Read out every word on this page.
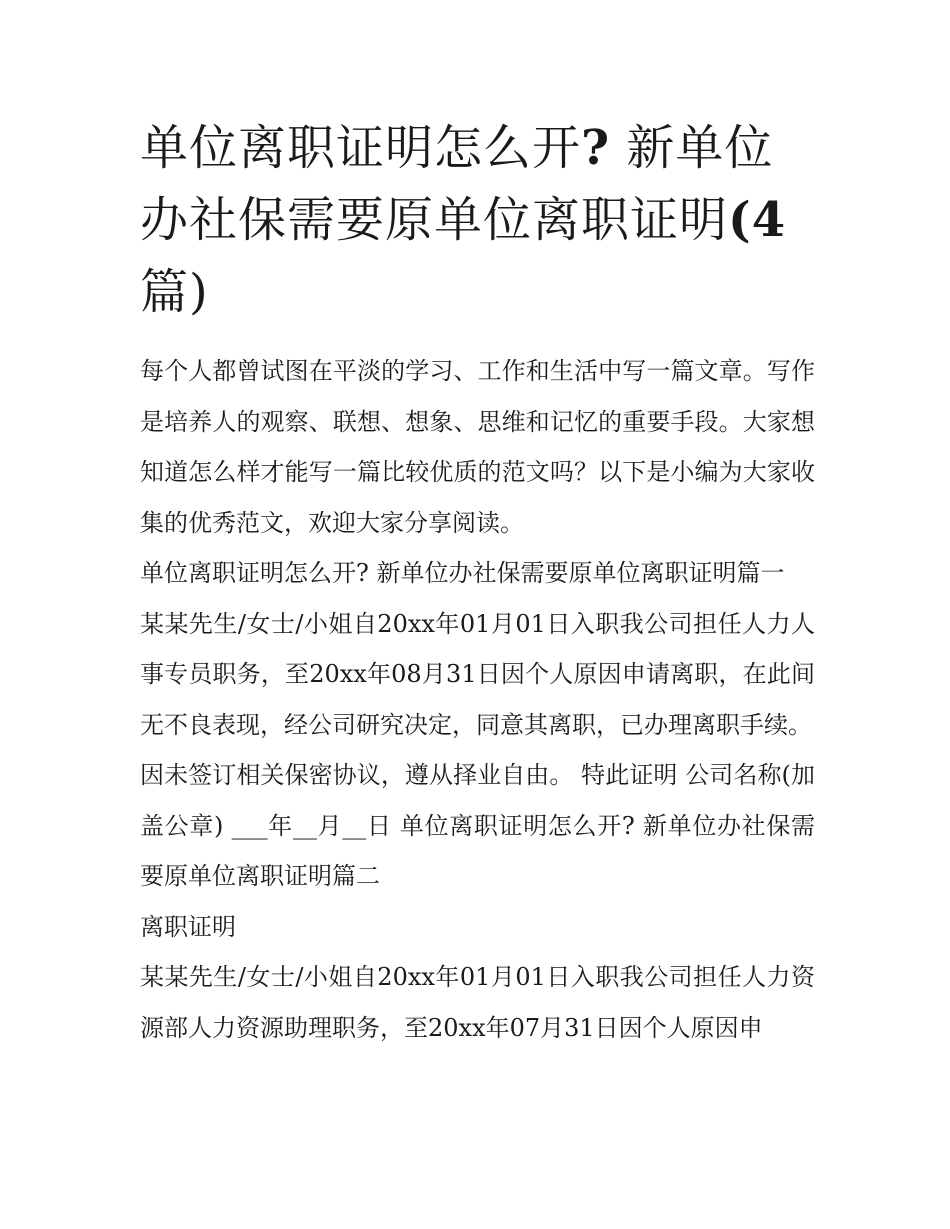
单位离职证明怎么开? 新单位办社保需要原单位离职证明(4篇)

每个人都曾试图在平淡的学习、工作和生活中写一篇文章。写作是培养人的观察、联想、想象、思维和记忆的重要手段。大家想知道怎么样才能写一篇比较优质的范文吗？以下是小编为大家收集的优秀范文，欢迎大家分享阅读。

单位离职证明怎么开? 新单位办社保需要原单位离职证明篇一

某某先生/女士/小姐自20xx年01月01日入职我公司担任人力人事专员职务，至20xx年08月31日因个人原因申请离职，在此间无不良表现，经公司研究决定，同意其离职，已办理离职手续。

因未签订相关保密协议，遵从择业自由。 特此证明 公司名称(加盖公章) ___年__月__日 单位离职证明怎么开? 新单位办社保需要原单位离职证明篇二

离职证明

某某先生/女士/小姐自20xx年01月01日入职我公司担任人力资源部人力资源助理职务，至20xx年07月31日因个人原因申
